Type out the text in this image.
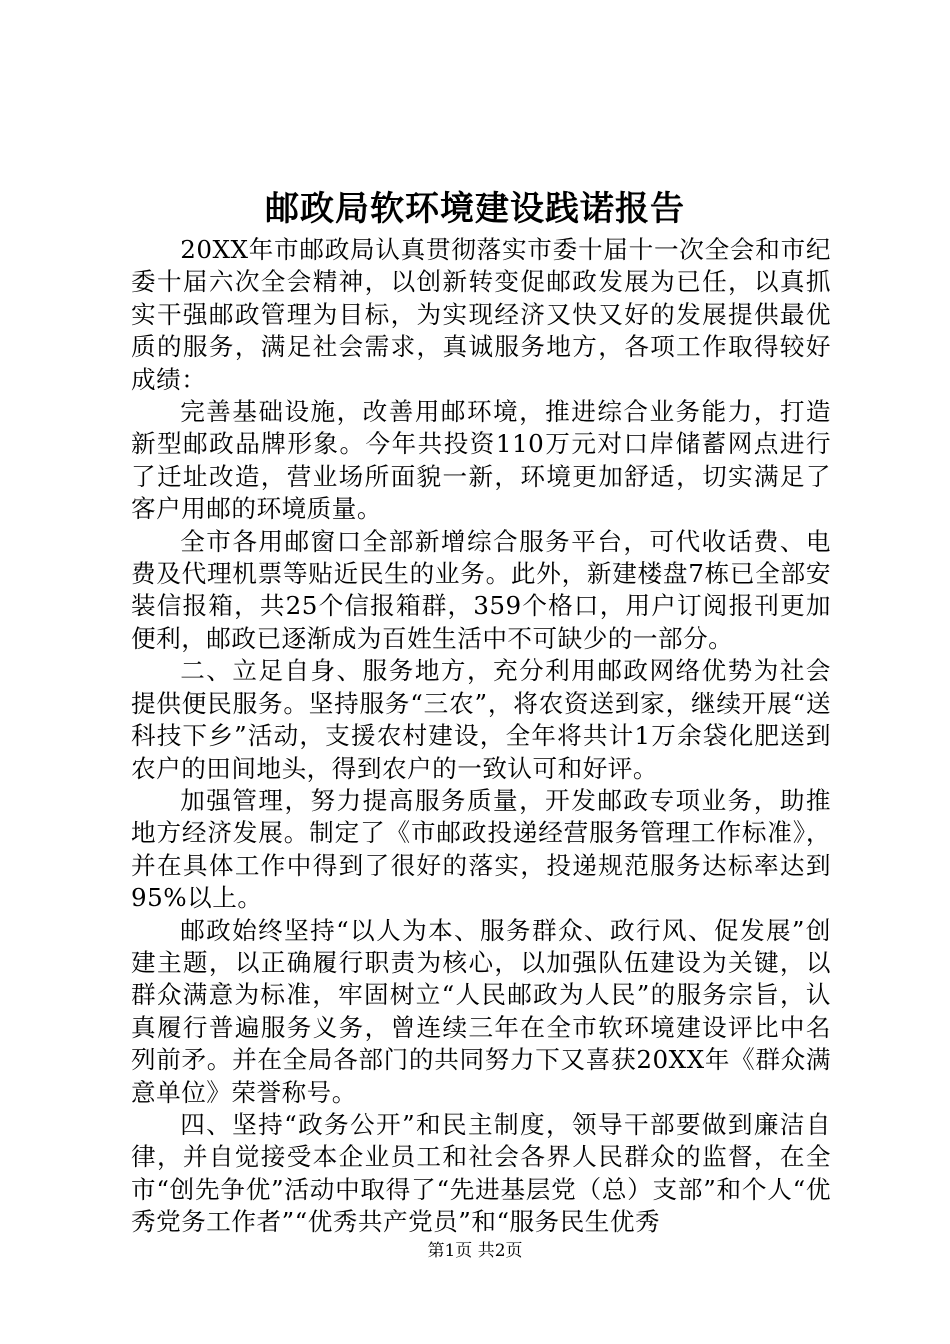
邮政局软环境建设践诺报告

20XX年市邮政局认真贯彻落实市委十届十一次全会和市纪委十届六次全会精神，以创新转变促邮政发展为已任，以真抓实干强邮政管理为目标，为实现经济又快又好的发展提供最优质的服务，满足社会需求，真诚服务地方，各项工作取得较好成绩：

完善基础设施，改善用邮环境，推进综合业务能力，打造新型邮政品牌形象。今年共投资110万元对口岸储蓄网点进行了迁址改造，营业场所面貌一新，环境更加舒适，切实满足了客户用邮的环境质量。

全市各用邮窗口全部新增综合服务平台，可代收话费、电费及代理机票等贴近民生的业务。此外，新建楼盘7栋已全部安装信报箱，共25个信报箱群，359个格口，用户订阅报刊更加便利，邮政已逐渐成为百姓生活中不可缺少的一部分。

二、立足自身、服务地方，充分利用邮政网络优势为社会提供便民服务。坚持服务“三农”，将农资送到家，继续开展“送科技下乡”活动，支援农村建设，全年将共计1万余袋化肥送到农户的田间地头，得到农户的一致认可和好评。

加强管理，努力提高服务质量，开发邮政专项业务，助推地方经济发展。制定了《市邮政投递经营服务管理工作标准》，并在具体工作中得到了很好的落实，投递规范服务达标率达到95%以上。

邮政始终坚持“以人为本、服务群众、政行风、促发展”创建主题，以正确履行职责为核心，以加强队伍建设为关键，以群众满意为标准，牢固树立“人民邮政为人民”的服务宗旨，认真履行普遍服务义务，曾连续三年在全市软环境建设评比中名列前矛。并在全局各部门的共同努力下又喜获20XX年《群众满意单位》荣誉称号。

四、坚持“政务公开”和民主制度，领导干部要做到廉洁自律，并自觉接受本企业员工和社会各界人民群众的监督，在全市“创先争优”活动中取得了“先进基层党（总）支部”和个人“优秀党务工作者”“优秀共产党员”和“服务民生优秀

第1页 共2页
